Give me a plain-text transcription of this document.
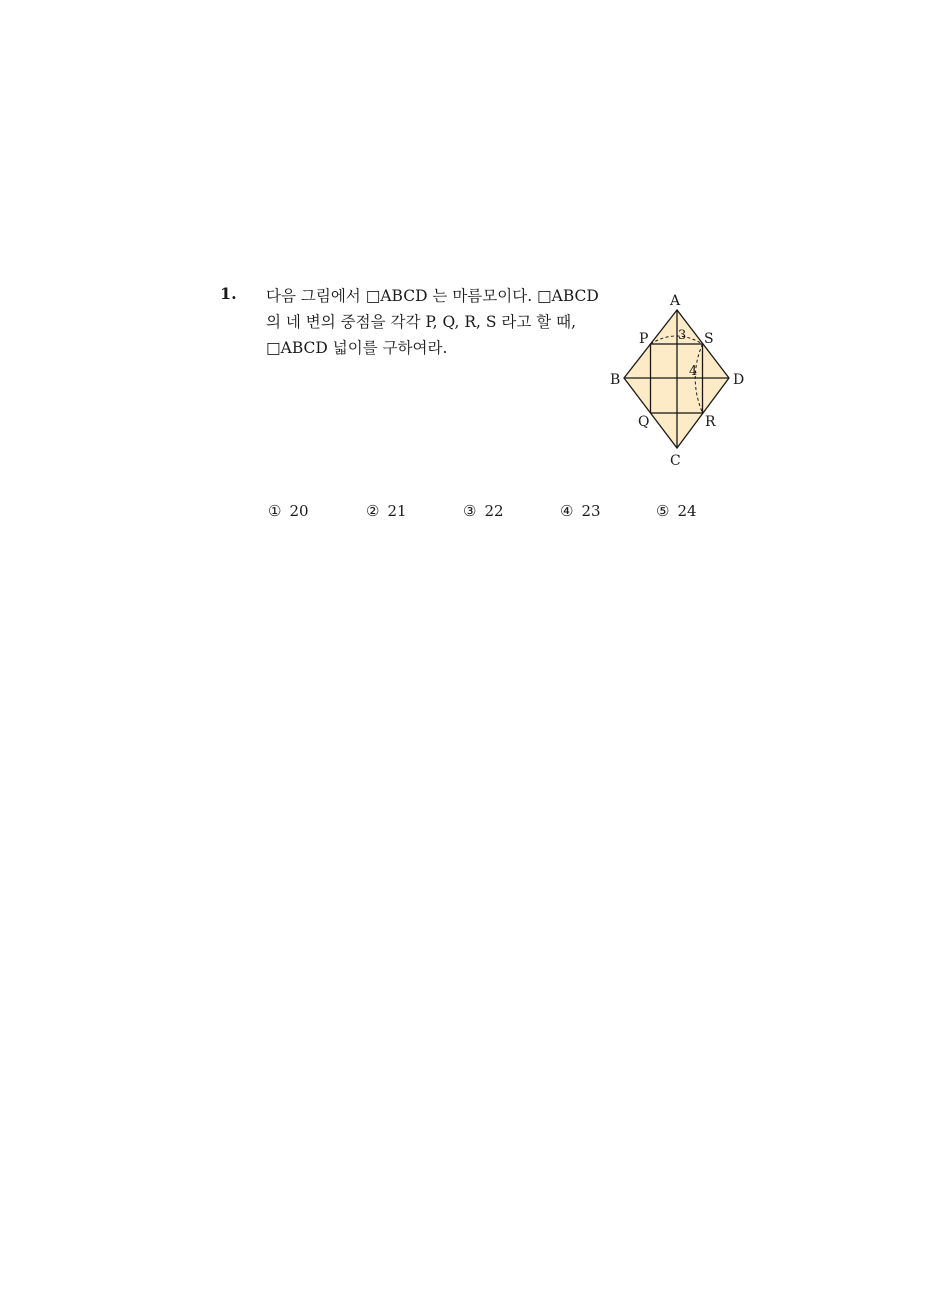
1. 다음 그림에서 □ABCD 는 마름모이다. □ABCD
의 네 변의 중점을 각각 P, Q, R, S 라고 할 때,
□ABCD 넓이를 구하여라.
A
B
C
D
P	S
Q	R
3
4
① 20	② 21	③ 22	④ 23	⑤ 24
